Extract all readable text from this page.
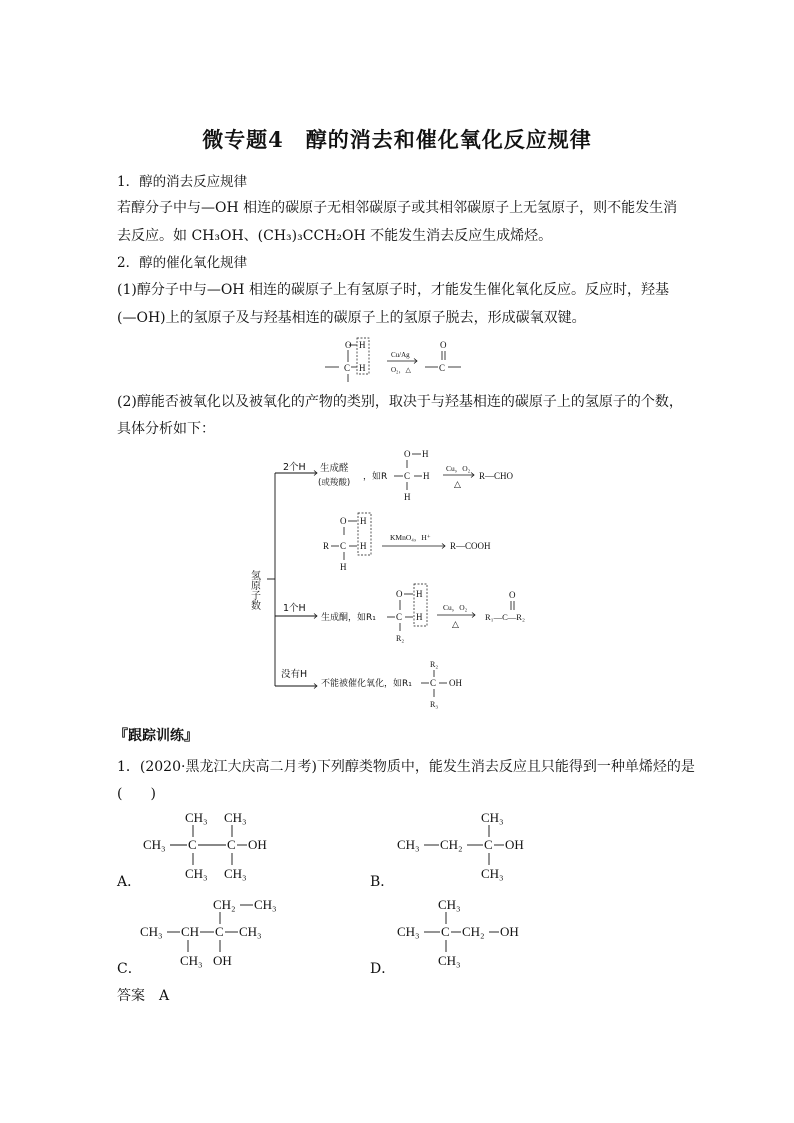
微专题4　醇的消去和催化氧化反应规律
1．醇的消去反应规律
若醇分子中与—OH 相连的碳原子无相邻碳原子或其相邻碳原子上无氢原子，则不能发生消
去反应。如 CH₃OH、(CH₃)₃CCH₂OH 不能发生消去反应生成烯烃。
2．醇的催化氧化规律
(1)醇分子中与—OH 相连的碳原子上有氢原子时，才能发生催化氧化反应。反应时，羟基
(—OH)上的氢原子及与羟基相连的碳原子上的氢原子脱去，形成碳氧双键。
O
C
H
H
Cu/Ag
O₂，△
O
C
(2)醇能否被氧化以及被氧化的产物的类别，取决于与羟基相连的碳原子上的氢原子的个数，
具体分析如下：
氢原子数
2个H
1个H
没有H
生成醛
(或羧酸)
，如R C H
O H
H
Cu，O₂
△
R—CHO
O
R C
H
H
H
KMnO₄，H⁺
R—COOH
生成酮，如R₁ C
O
R₂
H
H
Cu，O₂
△
O
R₁—C—R₂
不能被催化氧化，如R₁ C OH
R₂
R₃
『跟踪训练』
1．(2020·黑龙江大庆高二月考)下列醇类物质中，能发生消去反应且只能得到一种单烯烃的是
(　　)
CH₃ CH₃
CH₃ C C OH
CH₃ CH₃
A．
CH₃
CH₃ CH₂ C OH
CH₃
B．
CH₂ CH₃
CH₃ CH C CH₃
CH₃ OH
C．
CH₃
CH₃ C CH₂ OH
CH₃
D．
答案 A
